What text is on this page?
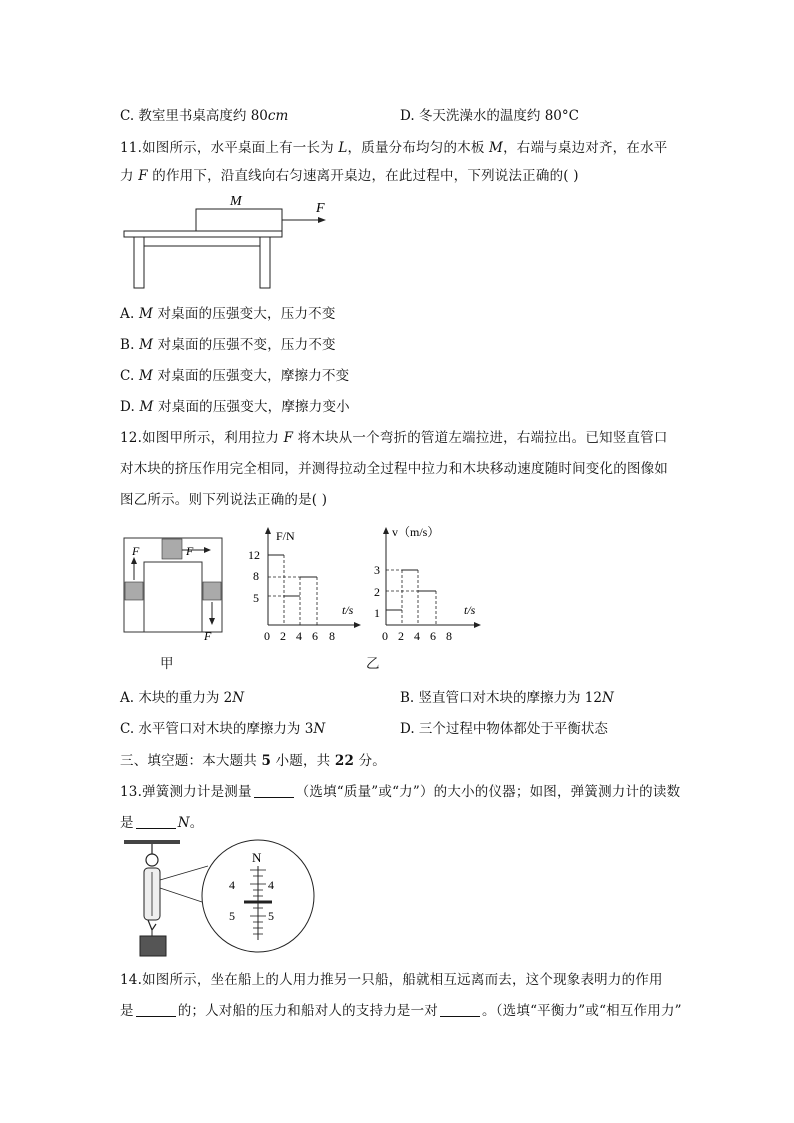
C. 教室里书桌高度约 80cm	D. 冬天洗澡水的温度约 80°C
11.如图所示，水平桌面上有一长为 L，质量分布均匀的木板 M，右端与桌边对齐，在水平
力 F 的作用下，沿直线向右匀速离开桌边，在此过程中，下列说法正确的( )
M	F
A. M 对桌面的压强变大，压力不变
B. M 对桌面的压强不变，压力不变
C. M 对桌面的压强变大，摩擦力不变
D. M 对桌面的压强变大，摩擦力变小
12.如图甲所示，利用拉力 F 将木块从一个弯折的管道左端拉进，右端拉出。已知竖直管口
对木块的挤压作用完全相同，并测得拉动全过程中拉力和木块移动速度随时间变化的图像如
图乙所示。则下列说法正确的是( )
F	F
F
甲
F/N
t/s
12
8
5
0 2 4 6 8
v（m/s）
t/s
3
2
1
0 2 4 6 8
乙
A. 木块的重力为 2N	B. 竖直管口对木块的摩擦力为 12N
C. 水平管口对木块的摩擦力为 3N	D. 三个过程中物体都处于平衡状态
三、填空题：本大题共 5 小题，共 22 分。
13.弹簧测力计是测量	（选填“质量”或“力”）的大小的仪器；如图，弹簧测力计的读数
是	N。
N
4
5
4
5
14.如图所示，坐在船上的人用力推另一只船，船就相互远离而去，这个现象表明力的作用
是	的；人对船的压力和船对人的支持力是一对	。（选填“平衡力”或“相互作用力”
